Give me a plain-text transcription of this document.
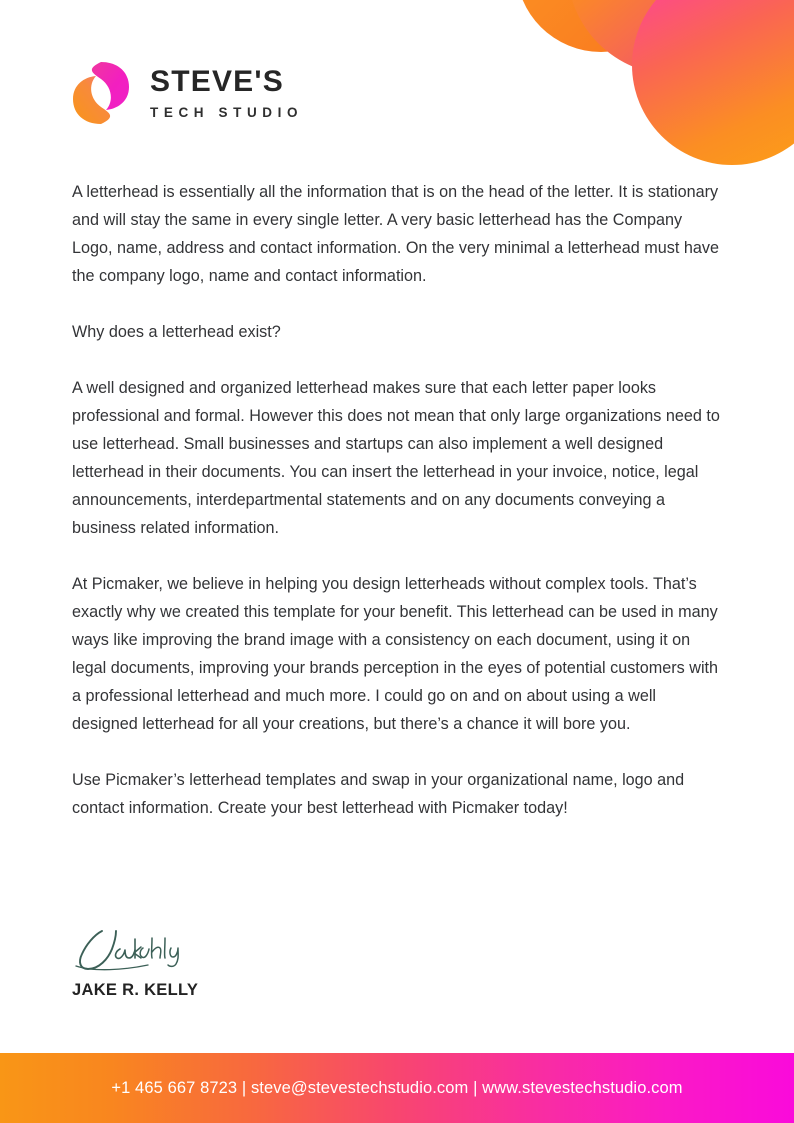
STEVE'S
TECH STUDIO

A letterhead is essentially all the information that is on the head of the letter. It is stationary and will stay the same in every single letter. A very basic letterhead has the Company Logo, name, address and contact information. On the very minimal a letterhead must have the company logo, name and contact information.

Why does a letterhead exist?

A well designed and organized letterhead makes sure that each letter paper looks professional and formal. However this does not mean that only large organizations need to use letterhead. Small businesses and startups can also implement a well designed letterhead in their documents. You can insert the letterhead in your invoice, notice, legal announcements, interdepartmental statements and on any documents conveying a business related information.

At Picmaker, we believe in helping you design letterheads without complex tools. That’s exactly why we created this template for your benefit. This letterhead can be used in many ways like improving the brand image with a consistency on each document, using it on legal documents, improving your brands perception in the eyes of potential customers with a professional letterhead and much more. I could go on and on about using a well designed letterhead for all your creations, but there’s a chance it will bore you.

Use Picmaker’s letterhead templates and swap in your organizational name, logo and contact information. Create your best letterhead with Picmaker today!

JAKE R. KELLY
+1 465 667 8723 | steve@stevestechstudio.com | www.stevestechstudio.com
